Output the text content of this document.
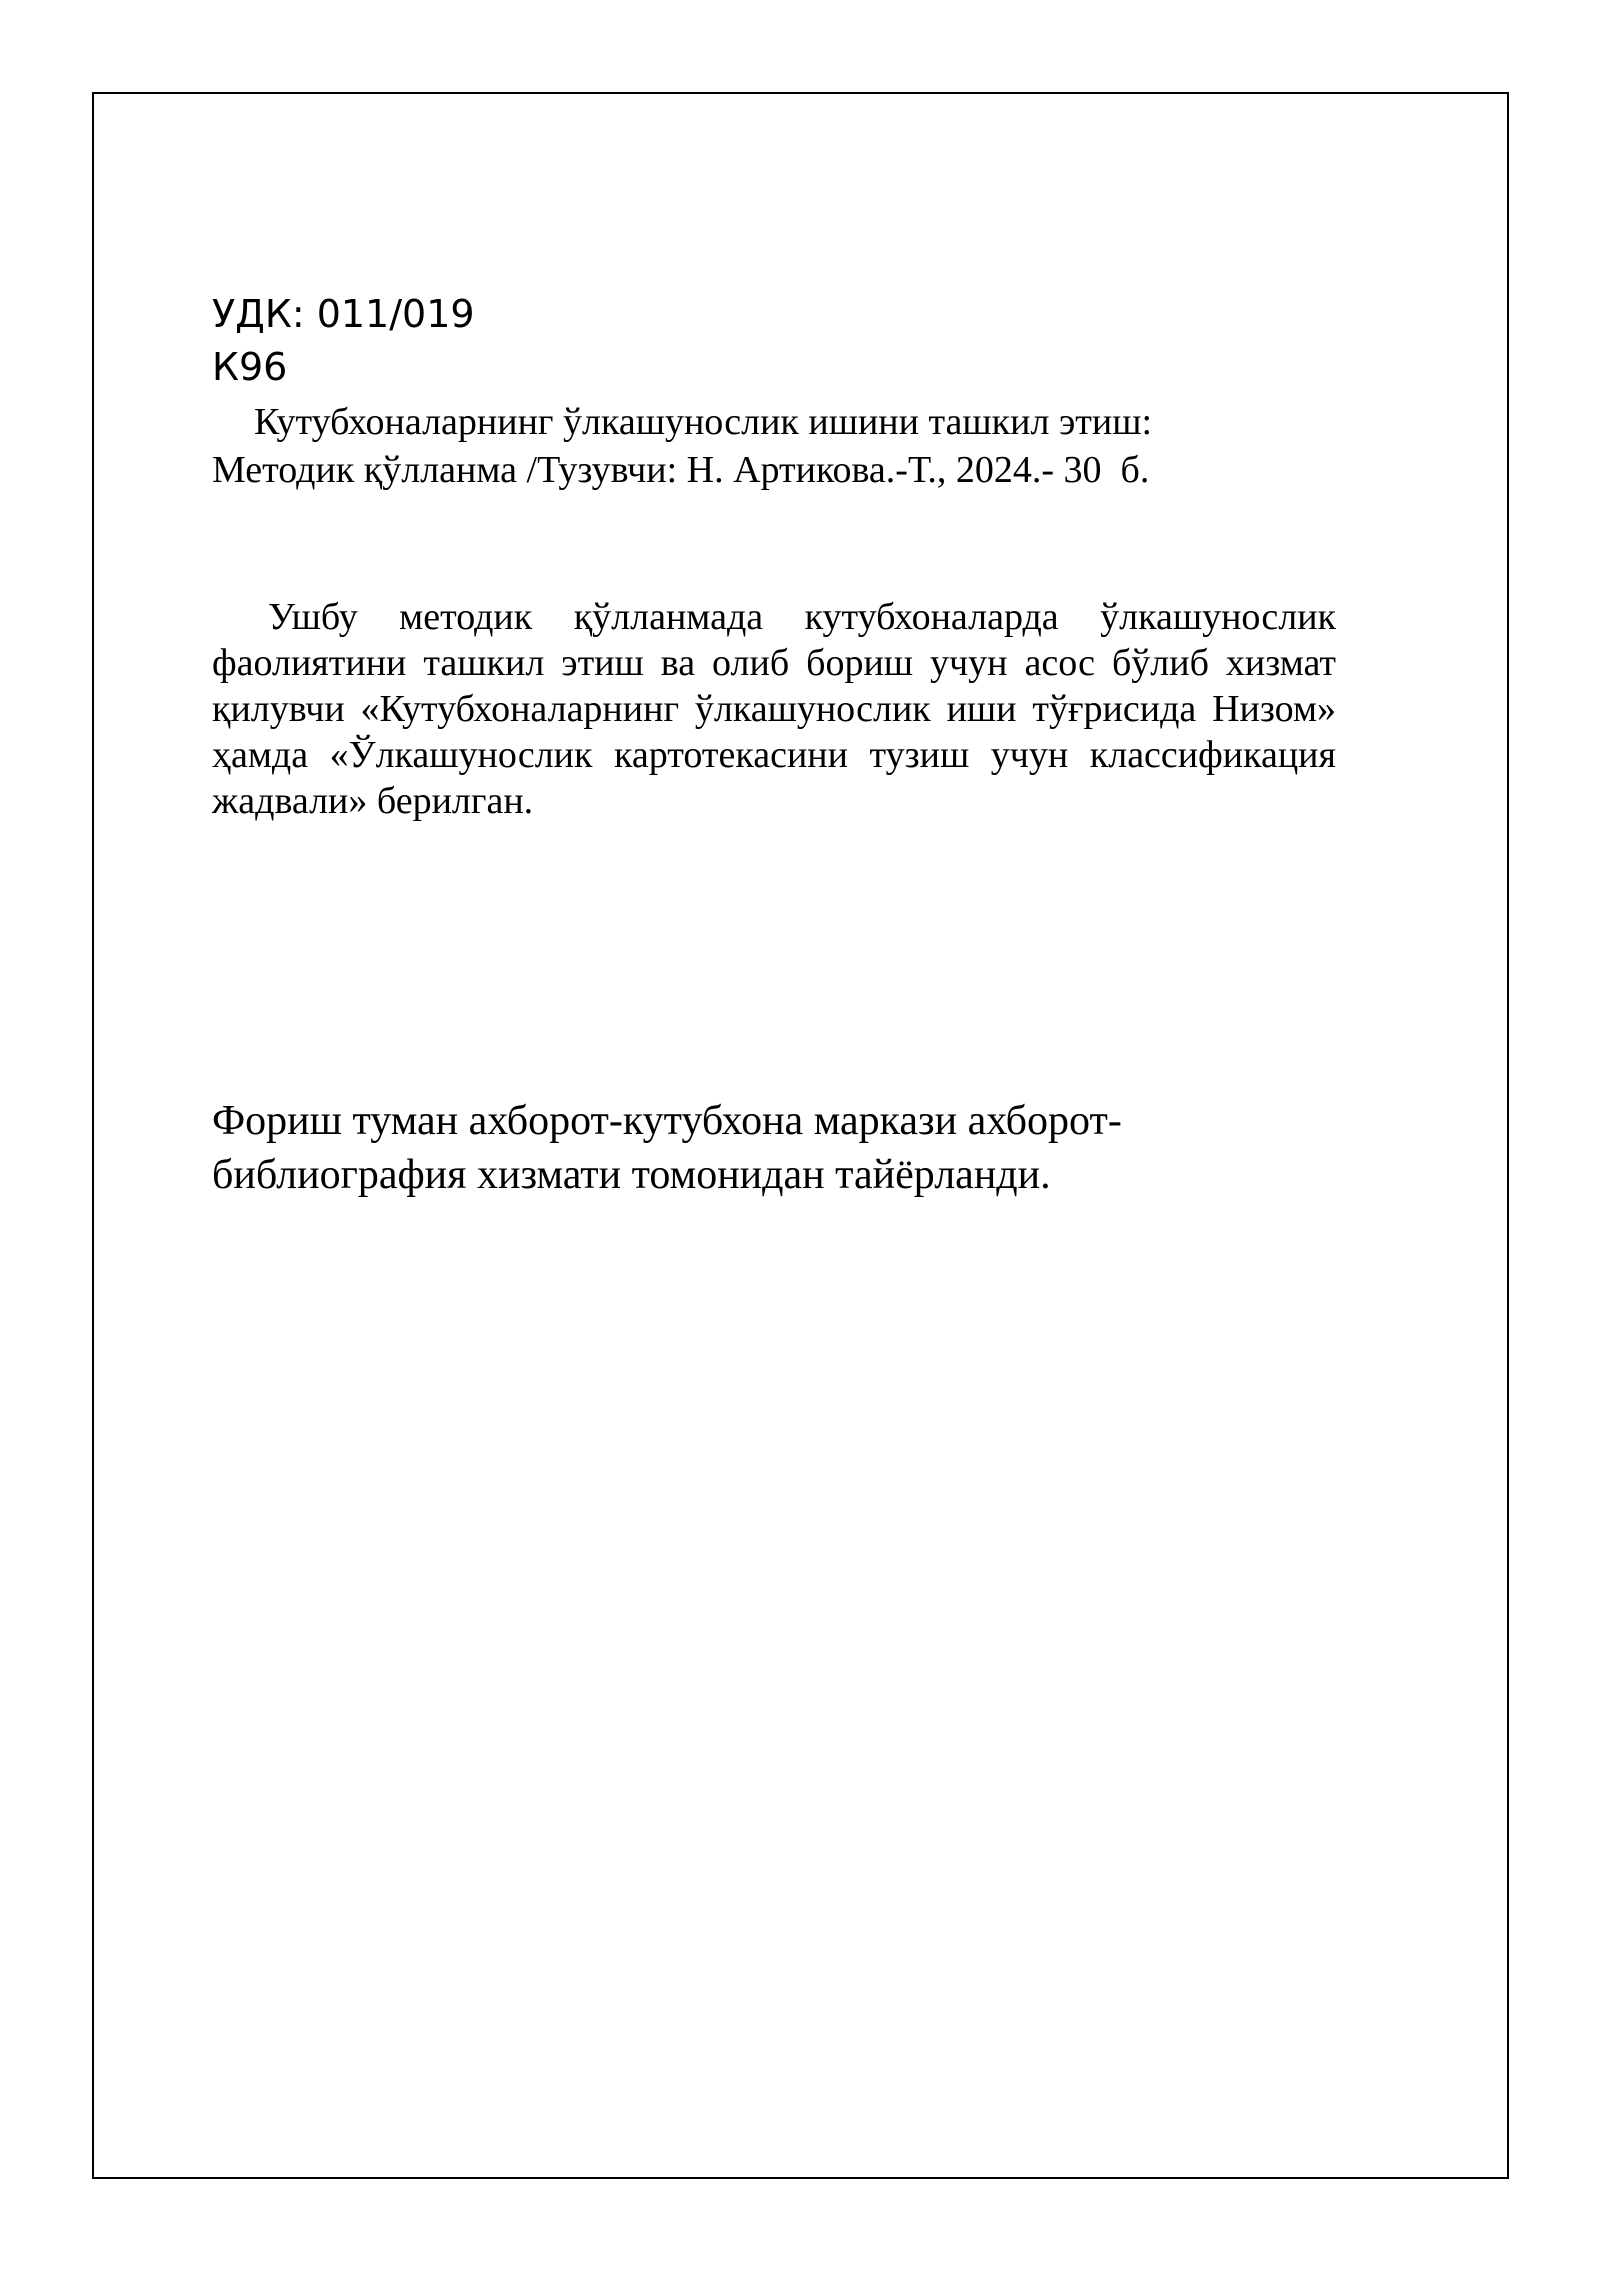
УДК: 011/019
К96
Кутубхоналарнинг ўлкашунослик ишини ташкил этиш:
Методик қўлланма /Тузувчи: Н. Артикова.-Т., 2024.- 30  б.

Ушбу методик қўлланмада кутубхоналарда ўлкашунослик фаолиятини ташкил этиш ва олиб бориш учун асос бўлиб хизмат қилувчи «Кутубхоналарнинг ўлкашунослик иши тўғрисида Низом» ҳамда «Ўлкашунослик картотекасини тузиш учун классификация жадвали» берилган.

Фориш туман ахборот-кутубхона маркази ахборот-библиография хизмати томонидан тайёрланди.
